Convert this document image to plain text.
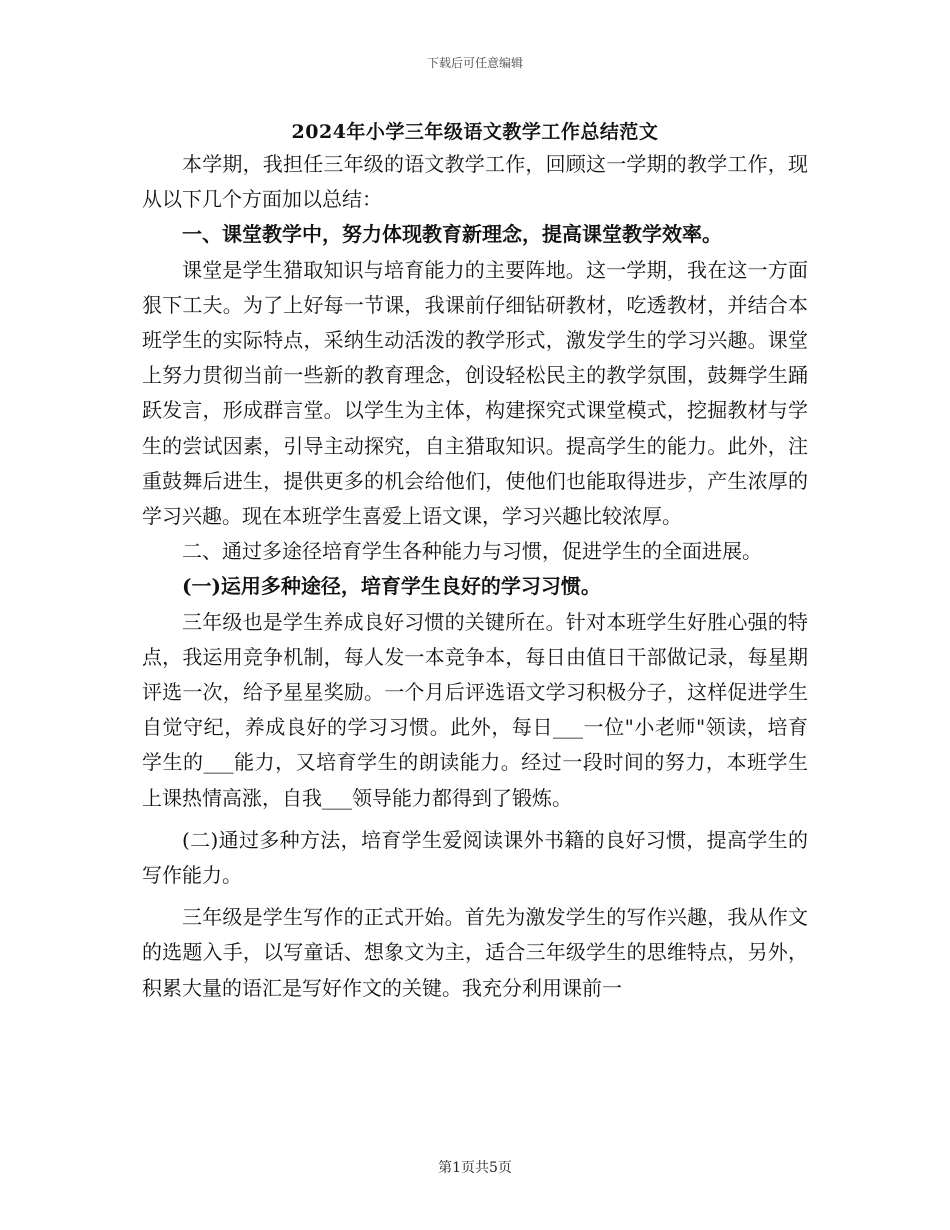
下载后可任意编辑
2024年小学三年级语文教学工作总结范文

本学期，我担任三年级的语文教学工作，回顾这一学期的教学工作，现从以下几个方面加以总结：

一、课堂教学中，努力体现教育新理念，提高课堂教学效率。

课堂是学生猎取知识与培育能力的主要阵地。这一学期，我在这一方面狠下工夫。为了上好每一节课，我课前仔细钻研教材，吃透教材，并结合本班学生的实际特点，采纳生动活泼的教学形式，激发学生的学习兴趣。课堂上努力贯彻当前一些新的教育理念，创设轻松民主的教学氛围，鼓舞学生踊跃发言，形成群言堂。以学生为主体，构建探究式课堂模式，挖掘教材与学生的尝试因素，引导主动探究，自主猎取知识。提高学生的能力。此外，注重鼓舞后进生，提供更多的机会给他们，使他们也能取得进步，产生浓厚的学习兴趣。现在本班学生喜爱上语文课，学习兴趣比较浓厚。

二、通过多途径培育学生各种能力与习惯，促进学生的全面进展。

(一)运用多种途径，培育学生良好的学习习惯。

三年级也是学生养成良好习惯的关键所在。针对本班学生好胜心强的特点，我运用竞争机制，每人发一本竞争本，每日由值日干部做记录，每星期评选一次，给予星星奖励。一个月后评选语文学习积极分子，这样促进学生自觉守纪，养成良好的学习习惯。此外，每日___一位"小老师"领读，培育学生的___能力，又培育学生的朗读能力。经过一段时间的努力，本班学生上课热情高涨，自我___领导能力都得到了锻炼。

(二)通过多种方法，培育学生爱阅读课外书籍的良好习惯，提高学生的写作能力。

三年级是学生写作的正式开始。首先为激发学生的写作兴趣，我从作文的选题入手，以写童话、想象文为主，适合三年级学生的思维特点，另外，积累大量的语汇是写好作文的关键。我充分利用课前一

第1页共5页
